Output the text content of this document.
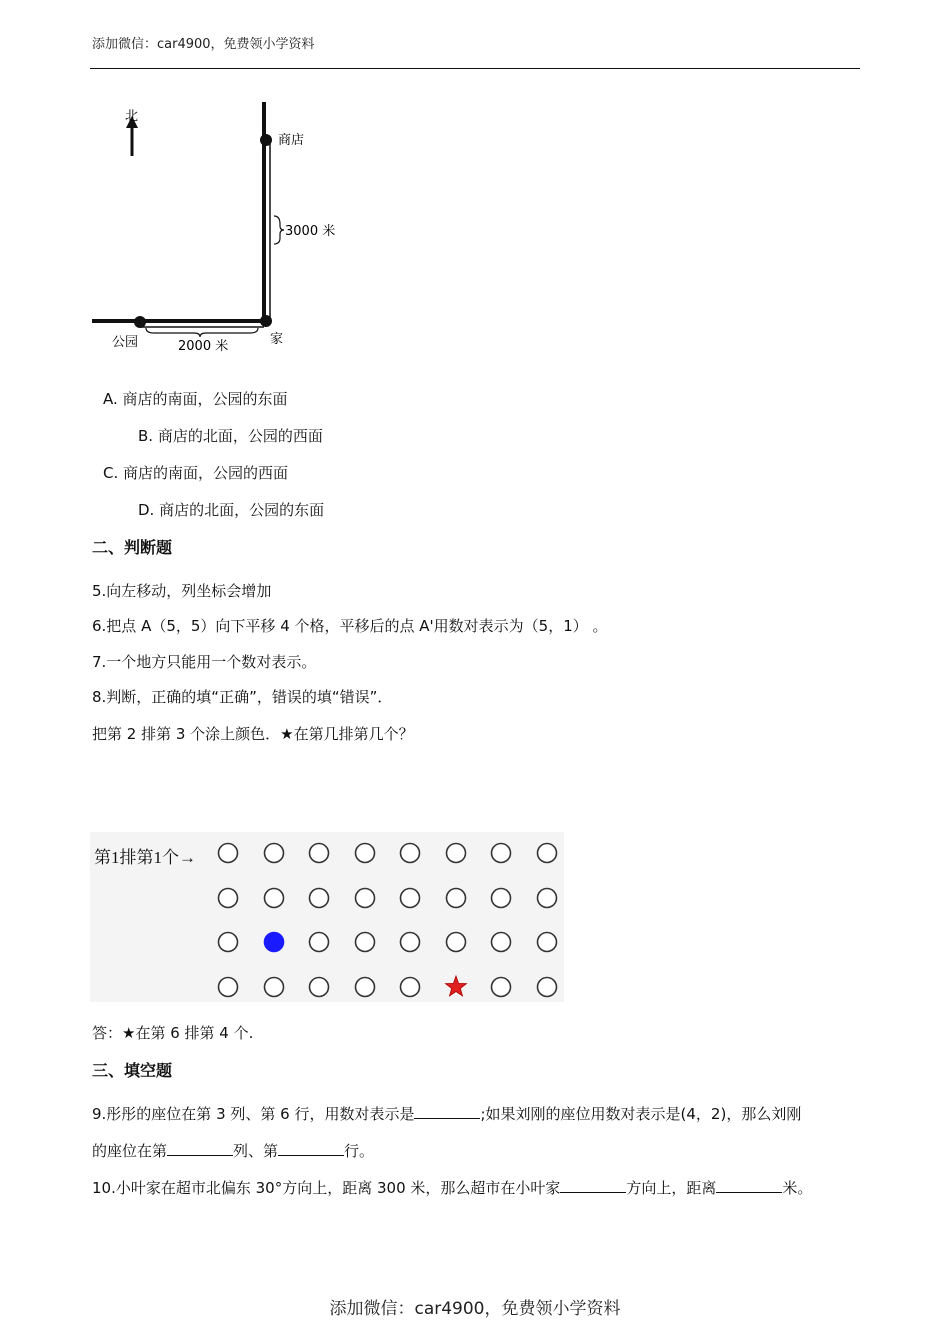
添加微信：car4900，免费领小学资料
北
商店
3000 米
公园	家
2000 米
A. 商店的南面，公园的东面
B. 商店的北面，公园的西面
C. 商店的南面，公园的西面
D. 商店的北面，公园的东面
二、判断题
5.向左移动，列坐标会增加
6.把点 A（5，5）向下平移 4 个格，平移后的点 A'用数对表示为（5，1） 。
7.一个地方只能用一个数对表示。
8.判断，正确的填“正确”，错误的填“错误”．
把第 2 排第 3 个涂上颜色．★在第几排第几个？
第1排第1个→
答：★在第 6 排第 4 个.
三、填空题
9.彤彤的座位在第 3 列、第 6 行，用数对表示是	;如果刘刚的座位用数对表示是(4，2)，那么刘刚
的座位在第	列、第	行。
10.小叶家在超市北偏东 30°方向上，距离 300 米，那么超市在小叶家	方向上，距离	米。
添加微信：car4900，免费领小学资料
